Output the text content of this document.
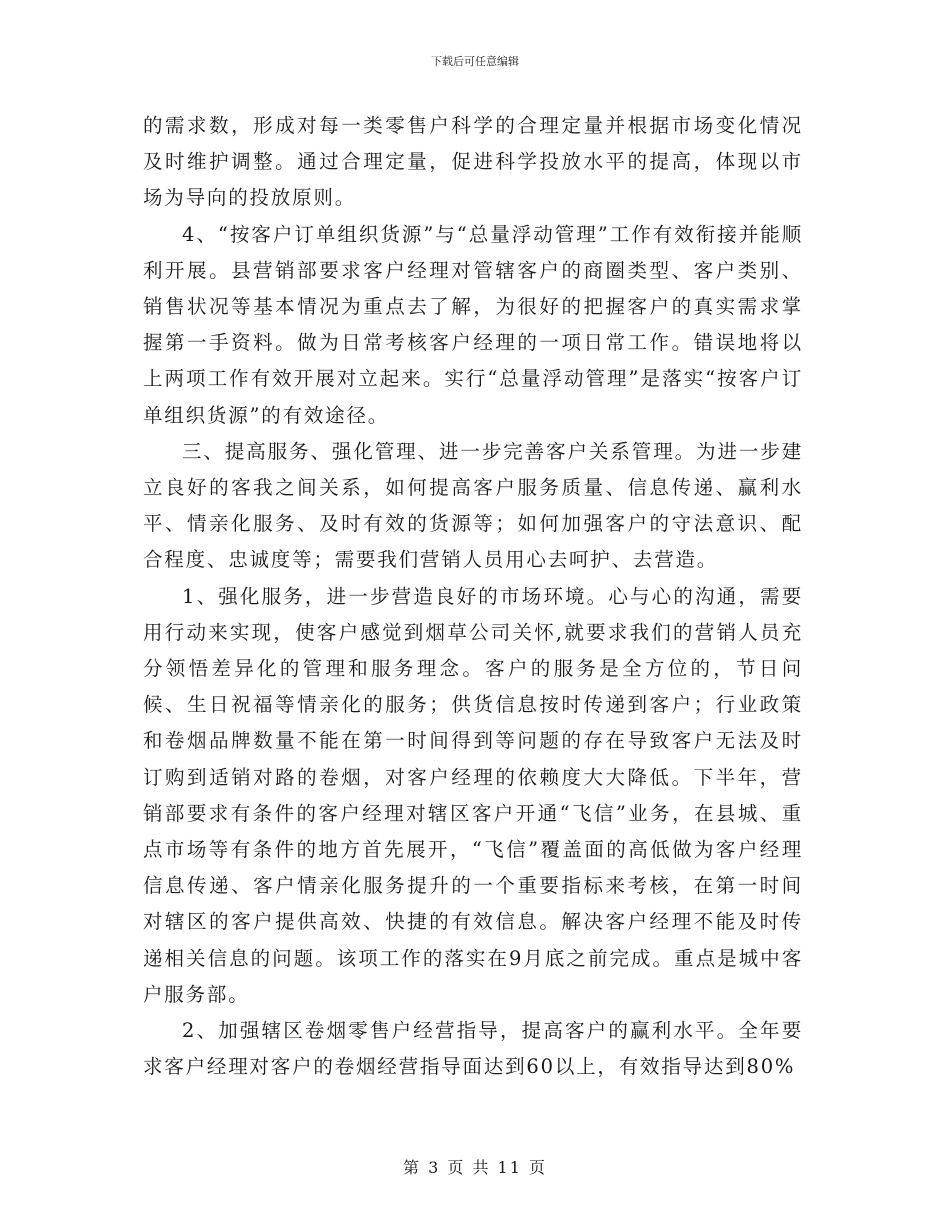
下载后可任意编辑

的需求数，形成对每一类零售户科学的合理定量并根据市场变化情况及时维护调整。通过合理定量，促进科学投放水平的提高，体现以市场为导向的投放原则。

4、“按客户订单组织货源”与“总量浮动管理”工作有效衔接并能顺利开展。县营销部要求客户经理对管辖客户的商圈类型、客户类别、销售状况等基本情况为重点去了解，为很好的把握客户的真实需求掌握第一手资料。做为日常考核客户经理的一项日常工作。错误地将以上两项工作有效开展对立起来。实行“总量浮动管理”是落实“按客户订单组织货源”的有效途径。

三、提高服务、强化管理、进一步完善客户关系管理。为进一步建立良好的客我之间关系，如何提高客户服务质量、信息传递、赢利水平、情亲化服务、及时有效的货源等；如何加强客户的守法意识、配合程度、忠诚度等；需要我们营销人员用心去呵护、去营造。

1、强化服务，进一步营造良好的市场环境。心与心的沟通，需要用行动来实现，使客户感觉到烟草公司关怀,就要求我们的营销人员充分领悟差异化的管理和服务理念。客户的服务是全方位的，节日问候、生日祝福等情亲化的服务；供货信息按时传递到客户；行业政策和卷烟品牌数量不能在第一时间得到等问题的存在导致客户无法及时订购到适销对路的卷烟，对客户经理的依赖度大大降低。下半年，营销部要求有条件的客户经理对辖区客户开通“飞信”业务，在县城、重点市场等有条件的地方首先展开，“飞信”覆盖面的高低做为客户经理信息传递、客户情亲化服务提升的一个重要指标来考核，在第一时间对辖区的客户提供高效、快捷的有效信息。解决客户经理不能及时传递相关信息的问题。该项工作的落实在9月底之前完成。重点是城中客户服务部。

2、加强辖区卷烟零售户经营指导，提高客户的赢利水平。全年要求客户经理对客户的卷烟经营指导面达到60以上，有效指导达到80%

第 3 页 共 11 页
